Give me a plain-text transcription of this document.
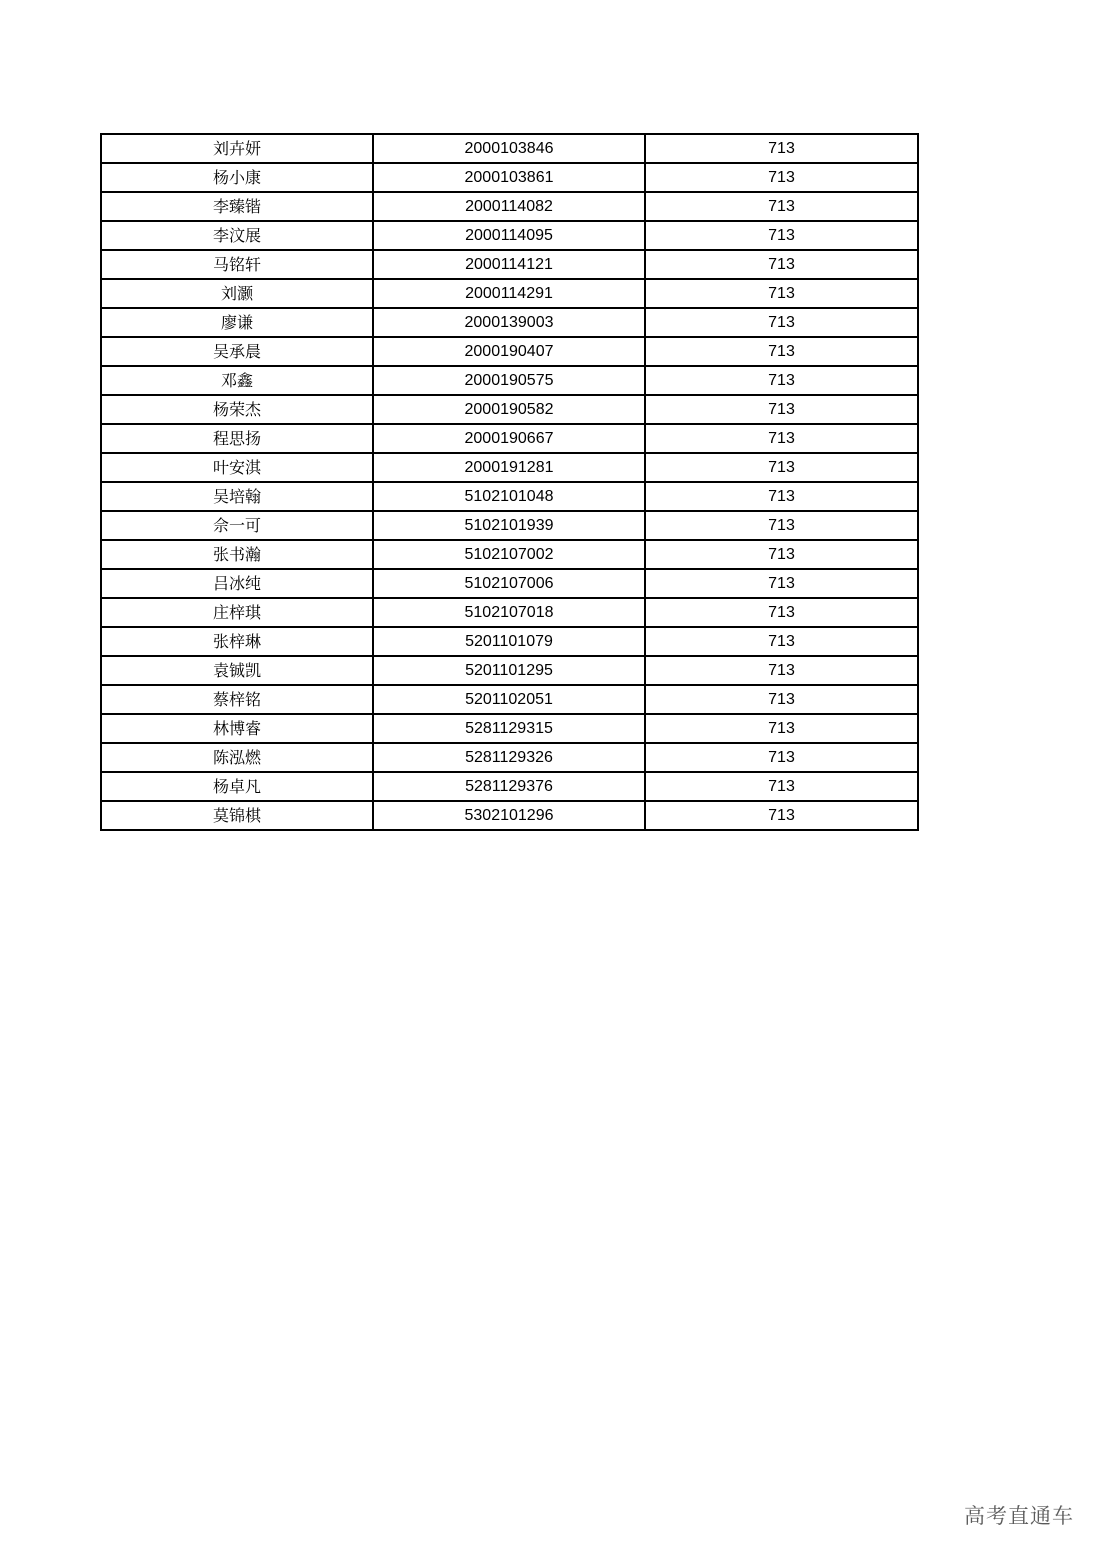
刘卉妍	2000103846	713
杨小康	2000103861	713
李臻锴	2000114082	713
李汶展	2000114095	713
马铭轩	2000114121	713
刘灏	2000114291	713
廖谦	2000139003	713
吴承晨	2000190407	713
邓鑫	2000190575	713
杨荣杰	2000190582	713
程思扬	2000190667	713
叶安淇	2000191281	713
吴培翰	5102101048	713
佘一可	5102101939	713
张书瀚	5102107002	713
吕冰纯	5102107006	713
庄梓琪	5102107018	713
张梓琳	5201101079	713
袁铖凯	5201101295	713
蔡梓铭	5201102051	713
林博睿	5281129315	713
陈泓燃	5281129326	713
杨卓凡	5281129376	713
莫锦棋	5302101296	713
高考直通车
